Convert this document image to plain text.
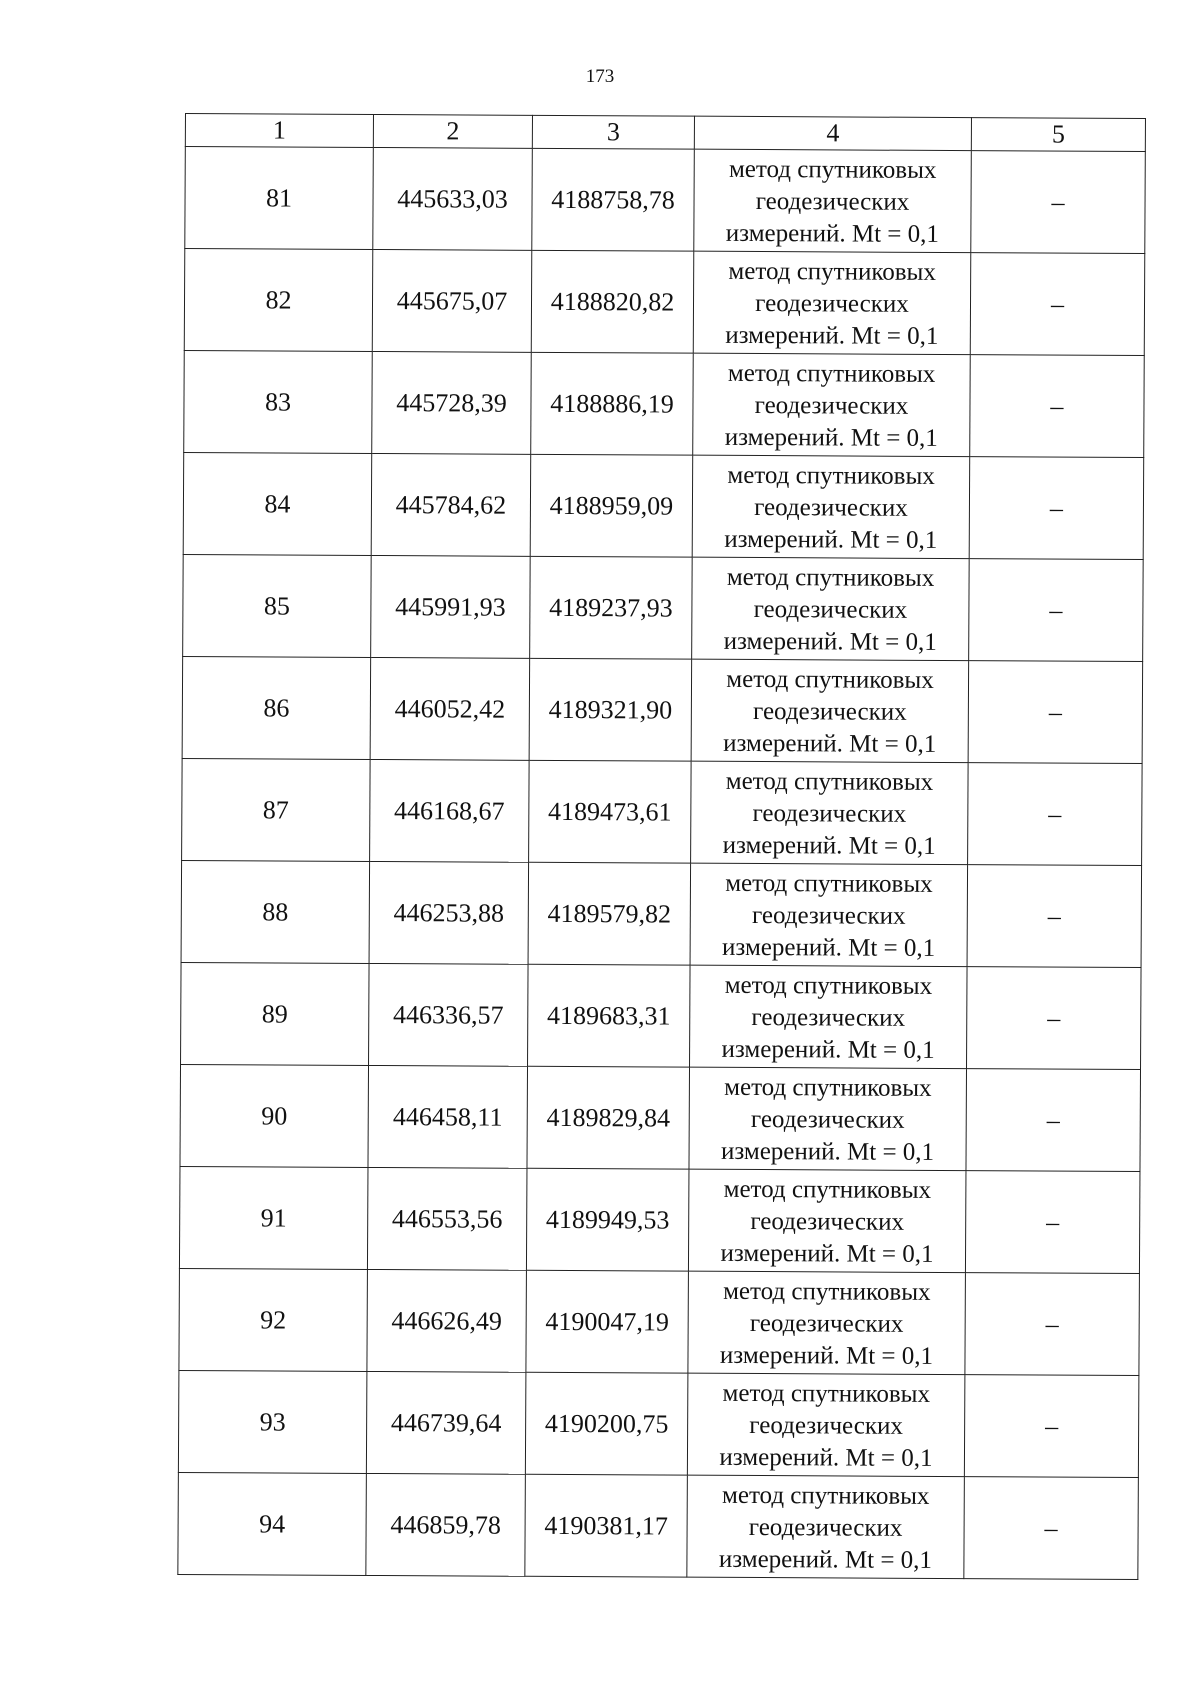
173
1	2	3	4	5
81	445633,03	4188758,78	метод спутниковых
геодезических
измерений. Mt = 0,1	–
82	445675,07	4188820,82	метод спутниковых
геодезических
измерений. Mt = 0,1	–
83	445728,39	4188886,19	метод спутниковых
геодезических
измерений. Mt = 0,1	–
84	445784,62	4188959,09	метод спутниковых
геодезических
измерений. Mt = 0,1	–
85	445991,93	4189237,93	метод спутниковых
геодезических
измерений. Mt = 0,1	–
86	446052,42	4189321,90	метод спутниковых
геодезических
измерений. Mt = 0,1	–
87	446168,67	4189473,61	метод спутниковых
геодезических
измерений. Mt = 0,1	–
88	446253,88	4189579,82	метод спутниковых
геодезических
измерений. Mt = 0,1	–
89	446336,57	4189683,31	метод спутниковых
геодезических
измерений. Mt = 0,1	–
90	446458,11	4189829,84	метод спутниковых
геодезических
измерений. Mt = 0,1	–
91	446553,56	4189949,53	метод спутниковых
геодезических
измерений. Mt = 0,1	–
92	446626,49	4190047,19	метод спутниковых
геодезических
измерений. Mt = 0,1	–
93	446739,64	4190200,75	метод спутниковых
геодезических
измерений. Mt = 0,1	–
94	446859,78	4190381,17	метод спутниковых
геодезических
измерений. Mt = 0,1	–
